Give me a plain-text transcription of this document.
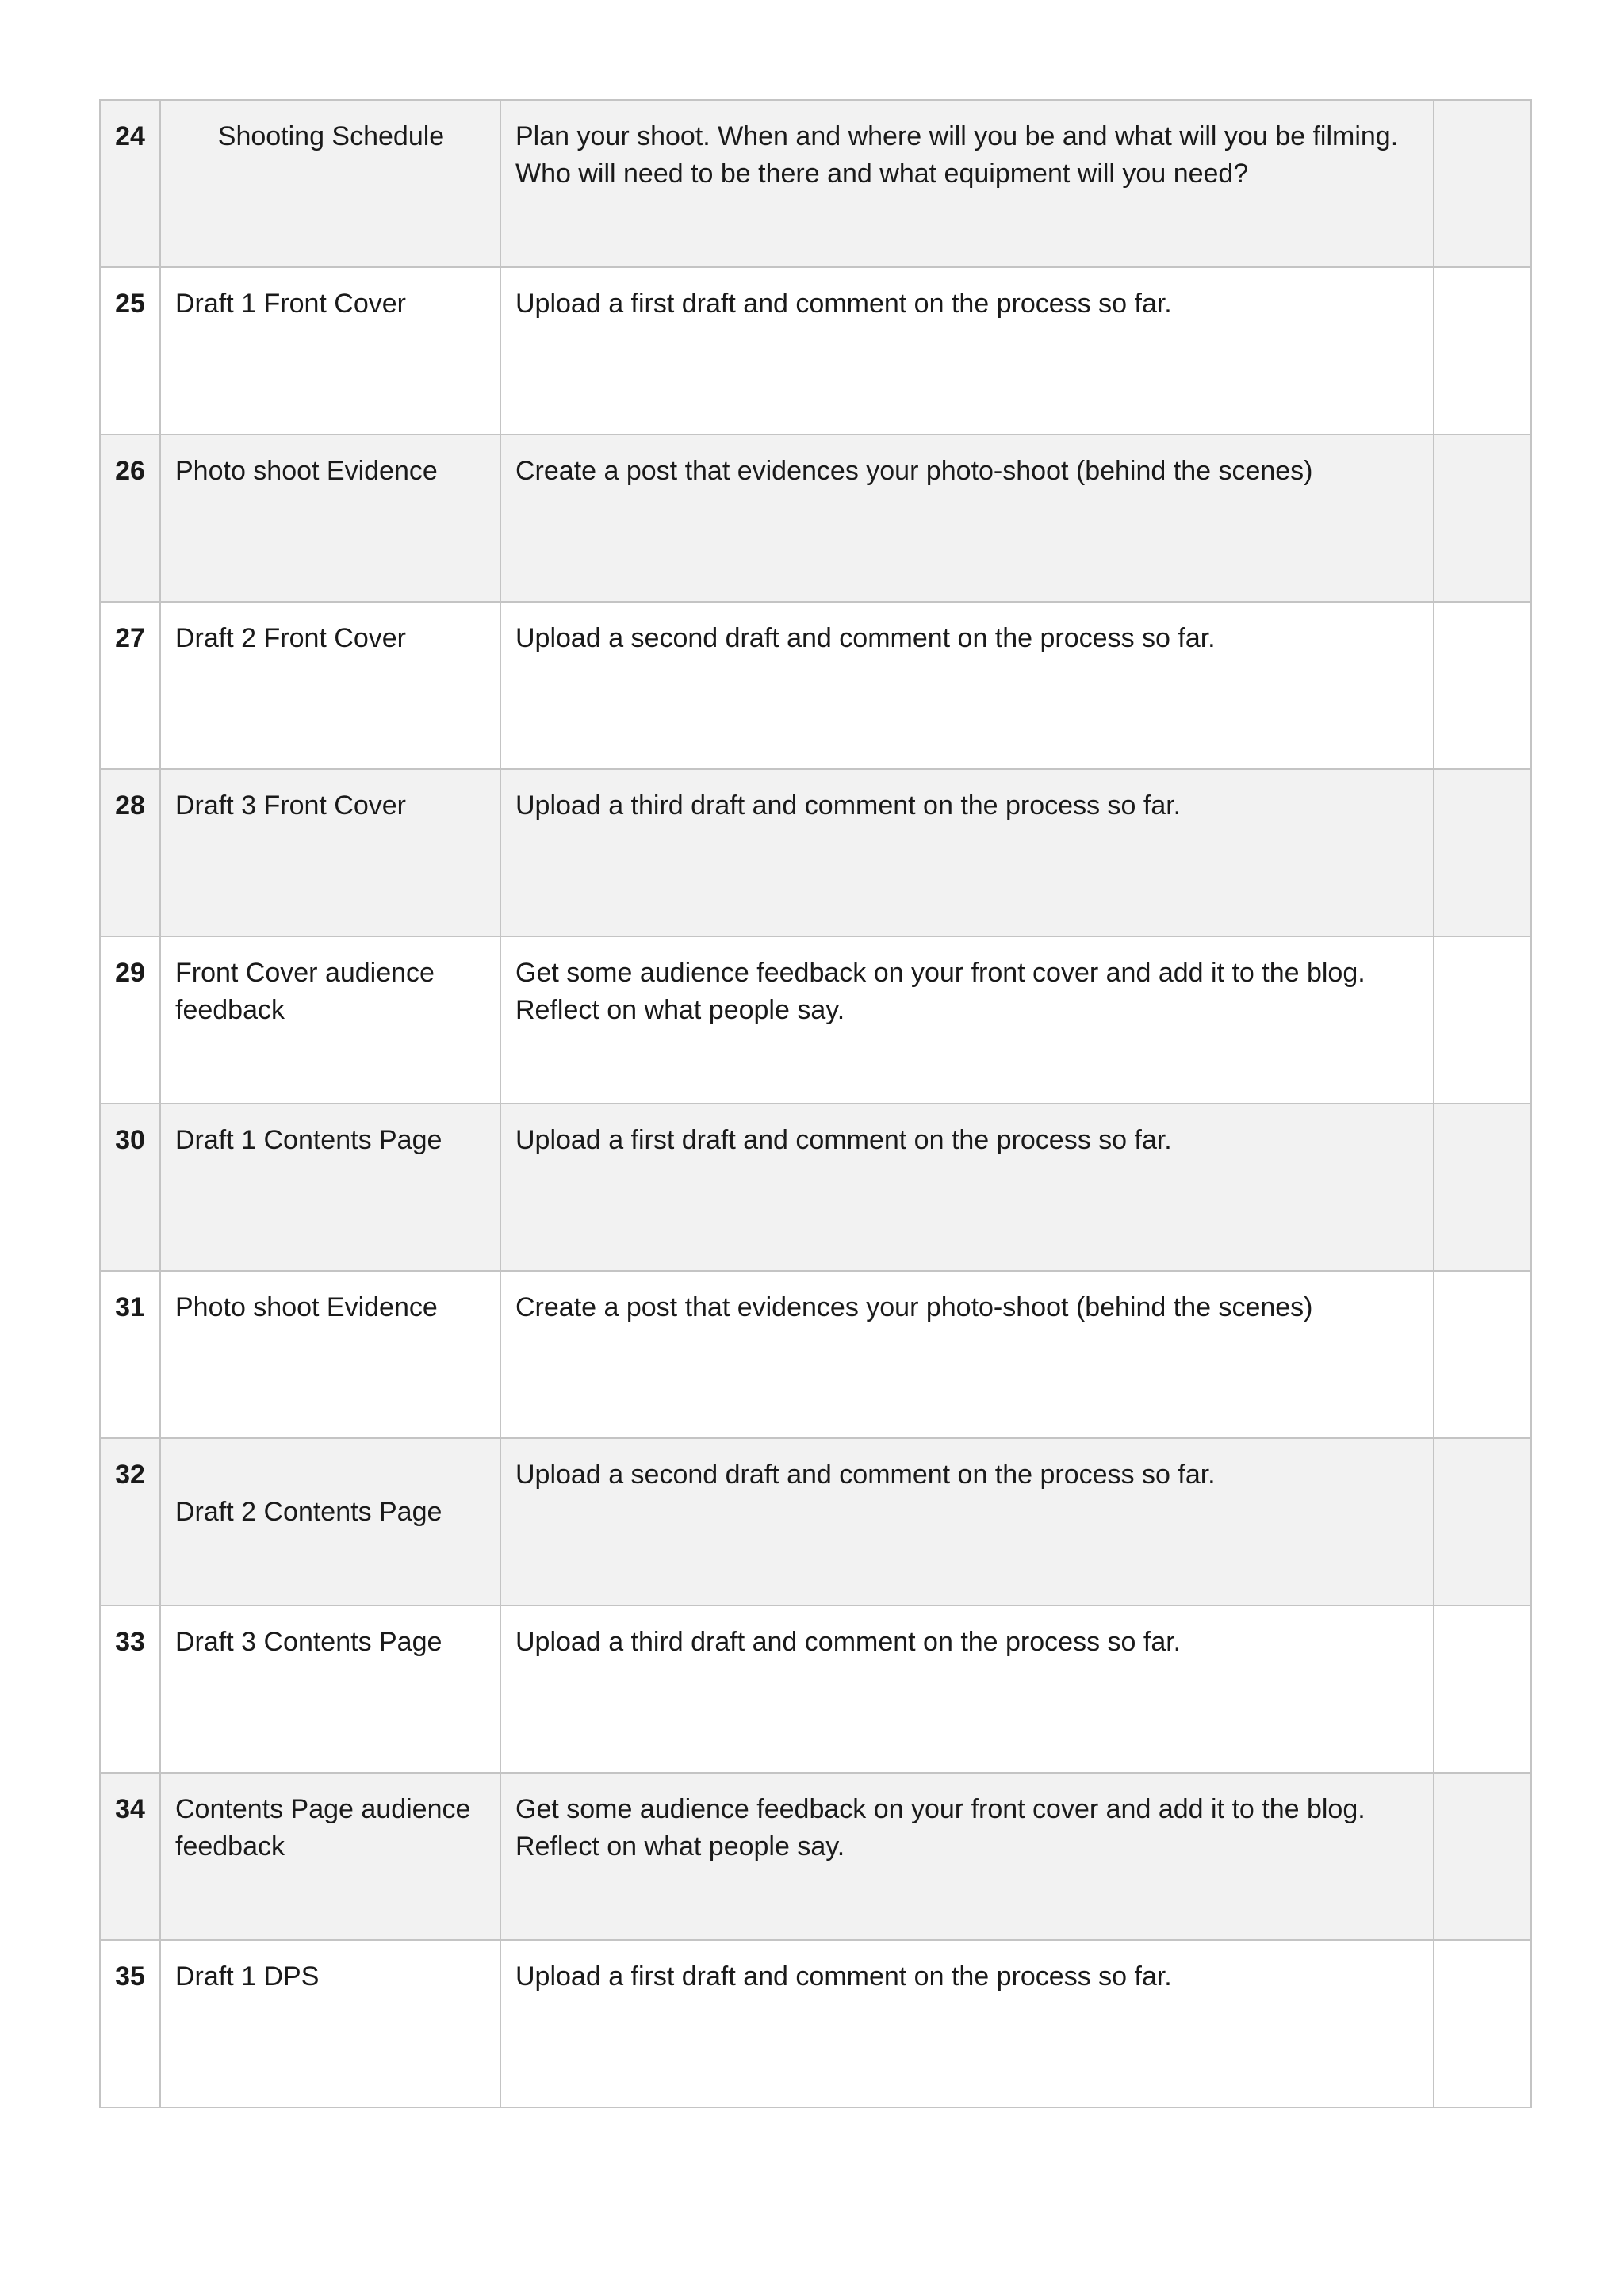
24	Shooting Schedule	Plan your shoot. When and where will you be and what will you be filming. Who will need to be there and what equipment will you need?	

25	Draft 1 Front Cover	Upload a first draft and comment on the process so far.	

26	Photo shoot Evidence	Create a post that evidences your photo-shoot (behind the scenes)	

27	Draft 2 Front Cover	Upload a second draft and comment on the process so far.	

28	Draft 3 Front Cover	Upload a third draft and comment on the process so far.	

29	Front Cover audience feedback	Get some audience feedback on your front cover and add it to the blog. Reflect on what people say.	

30	Draft 1 Contents Page	Upload a first draft and comment on the process so far.	

31	Photo shoot Evidence	Create a post that evidences your photo-shoot (behind the scenes)	

32	Draft 2 Contents Page	Upload a second draft and comment on the process so far.	

33	Draft 3 Contents Page	Upload a third draft and comment on the process so far.	

34	Contents Page audience feedback	Get some audience feedback on your front cover and add it to the blog. Reflect on what people say.	

35	Draft 1 DPS	Upload a first draft and comment on the process so far.	
